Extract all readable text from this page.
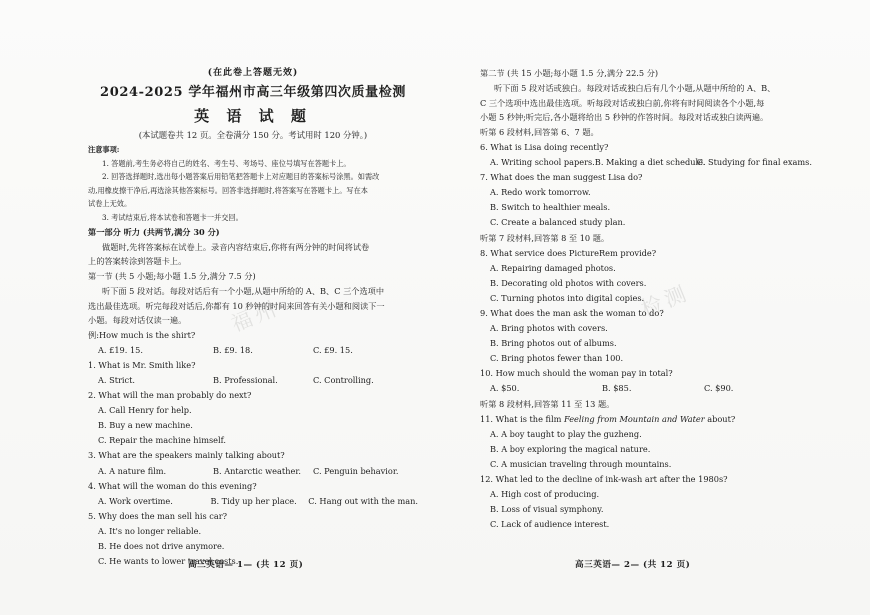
福州	检测
(在此卷上答题无效)
2024-2025 学年福州市高三年级第四次质量检测
英 语 试 题
(本试题卷共 12 页。全卷满分 150 分。考试用时 120 分钟。)
注意事项:
1. 答题前,考生务必将自己的姓名、考生号、考场号、座位号填写在答题卡上。
2. 回答选择题时,选出每小题答案后用铅笔把答题卡上对应题目的答案标号涂黑。如需改
动,用橡皮擦干净后,再选涂其他答案标号。回答非选择题时,将答案写在答题卡上。写在本
试卷上无效。
3. 考试结束后,将本试卷和答题卡一并交回。
第一部分 听力 (共两节,满分 30 分)
做题时,先将答案标在试卷上。录音内容结束后,你将有两分钟的时间将试卷
上的答案转涂到答题卡上。
第一节 (共 5 小题;每小题 1.5 分,满分 7.5 分)
听下面 5 段对话。每段对话后有一个小题,从题中所给的 A、B、C 三个选项中
选出最佳选项。听完每段对话后,你都有 10 秒钟的时间来回答有关小题和阅读下一
小题。每段对话仅读一遍。
例:How much is the shirt?
A. £19. 15.	B. £9. 18.	C. £9. 15.
1. What is Mr. Smith like?
A. Strict.	B. Professional.	C. Controlling.
2. What will the man probably do next?
A. Call Henry for help.
B. Buy a new machine.
C. Repair the machine himself.
3. What are the speakers mainly talking about?
A. A nature film.	B. Antarctic weather.	C. Penguin behavior.
4. What will the woman do this evening?
A. Work overtime.	B. Tidy up her place.	C. Hang out with the man.
5. Why does the man sell his car?
A. It's no longer reliable.
B. He does not drive anymore.
C. He wants to lower travel costs.
高三英语— 1— (共 12 页)
第二节 (共 15 小题;每小题 1.5 分,满分 22.5 分)
听下面 5 段对话或独白。每段对话或独白后有几个小题,从题中所给的 A、B、
C 三个选项中选出最佳选项。听每段对话或独白前,你将有时间阅读各个小题,每
小题 5 秒钟;听完后,各小题将给出 5 秒钟的作答时间。每段对话或独白读两遍。
听第 6 段材料,回答第 6、7 题。
6. What is Lisa doing recently?
A. Writing school papers. B. Making a diet schedule.
C. Studying for final exams.
7. What does the man suggest Lisa do?
A. Redo work tomorrow.
B. Switch to healthier meals.
C. Create a balanced study plan.
听第 7 段材料,回答第 8 至 10 题。
8. What service does PictureRem provide?
A. Repairing damaged photos.
B. Decorating old photos with covers.
C. Turning photos into digital copies.
9. What does the man ask the woman to do?
A. Bring photos with covers.
B. Bring photos out of albums.
C. Bring photos fewer than 100.
10. How much should the woman pay in total?
A. $50.	B. $85.	C. $90.
听第 8 段材料,回答第 11 至 13 题。
11. What is the film Feeling from Mountain and Water about?
A. A boy taught to play the guzheng.
B. A boy exploring the magical nature.
C. A musician traveling through mountains.
12. What led to the decline of ink-wash art after the 1980s?
A. High cost of producing.
B. Loss of visual symphony.
C. Lack of audience interest.
高三英语— 2— (共 12 页)
